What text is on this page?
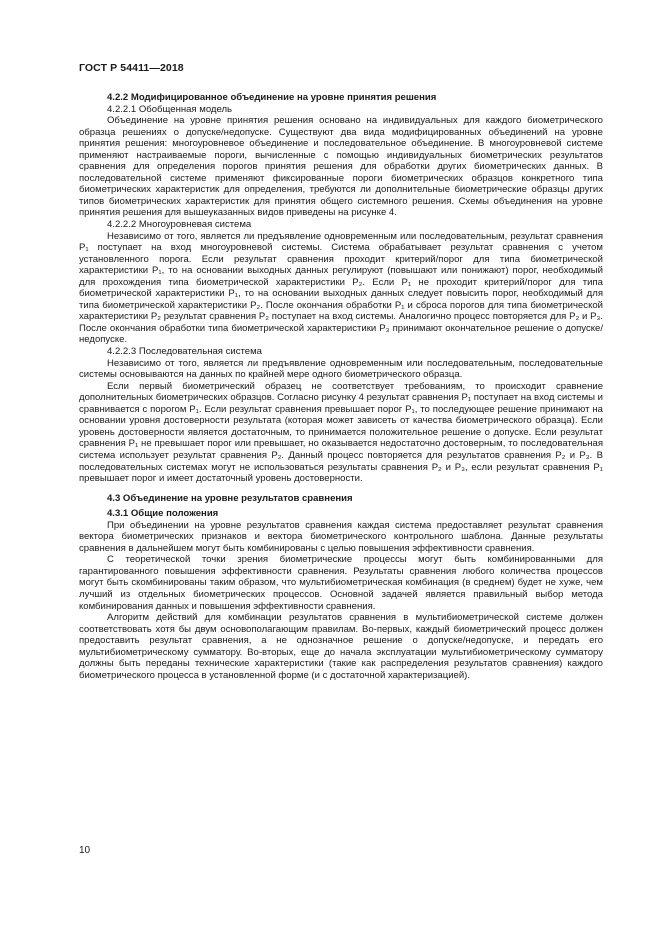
ГОСТ Р 54411—2018

4.2.2 Модифицированное объединение на уровне принятия решения

4.2.2.1 Обобщенная модель

Объединение на уровне принятия решения основано на индивидуальных для каждого биометрического образца решениях о допуске/недопуске. Существуют два вида модифицированных объединений на уровне принятия решения: многоуровневое объединение и последовательное объединение. В многоуровневой системе применяют настраиваемые пороги, вычисленные с помощью индивидуальных биометрических результатов сравнения для определения порогов принятия решения для обработки других биометрических данных. В последовательной системе применяют фиксированные пороги биометрических образцов конкретного типа биометрических характеристик для определения, требуются ли дополнительные биометрические образцы других типов биометрических характеристик для принятия общего системного решения. Схемы объединения на уровне принятия решения для вышеуказанных видов приведены на рисунке 4.

4.2.2.2 Многоуровневая система

Независимо от того, является ли предъявление одновременным или последовательным, результат сравнения P₁ поступает на вход многоуровневой системы. Система обрабатывает результат сравнения с учетом установленного порога. Если результат сравнения проходит критерий/порог для типа биометрической характеристики P₁, то на основании выходных данных регулируют (повышают или понижают) порог, необходимый для прохождения типа биометрической характеристики P₂. Если P₁ не проходит критерий/порог для типа биометрической характеристики P₁, то на основании выходных данных следует повысить порог, необходимый для типа биометрической характеристики P₂. После окончания обработки P₁ и сброса порогов для типа биометрической характеристики P₂ результат сравнения P₂ поступает на вход системы. Аналогично процесс повторяется для P₂ и P₃. После окончания обработки типа биометрической характеристики P₃ принимают окончательное решение о допуске/недопуске.

4.2.2.3 Последовательная система

Независимо от того, является ли предъявление одновременным или последовательным, последовательные системы основываются на данных по крайней мере одного биометрического образца.

Если первый биометрический образец не соответствует требованиям, то происходит сравнение дополнительных биометрических образцов. Согласно рисунку 4 результат сравнения P₁ поступает на вход системы и сравнивается с порогом P₁. Если результат сравнения превышает порог P₁, то последующее решение принимают на основании уровня достоверности результата (которая может зависеть от качества биометрического образца). Если уровень достоверности является достаточным, то принимается положительное решение о допуске. Если результат сравнения P₁ не превышает порог или превышает, но оказывается недостаточно достоверным, то последовательная система использует результат сравнения P₂. Данный процесс повторяется для результатов сравнения P₂ и P₃. В последовательных системах могут не использоваться результаты сравнения P₂ и P₃, если результат сравнения P₁ превышает порог и имеет достаточный уровень достоверности.

4.3 Объединение на уровне результатов сравнения

4.3.1 Общие положения

При объединении на уровне результатов сравнения каждая система предоставляет результат сравнения вектора биометрических признаков и вектора биометрического контрольного шаблона. Данные результаты сравнения в дальнейшем могут быть комбинированы с целью повышения эффективности сравнения.

С теоретической точки зрения биометрические процессы могут быть комбинированными для гарантированного повышения эффективности сравнения. Результаты сравнения любого количества процессов могут быть скомбинированы таким образом, что мультибиометрическая комбинация (в среднем) будет не хуже, чем лучший из отдельных биометрических процессов. Основной задачей является правильный выбор метода комбинирования данных и повышения эффективности сравнения.

Алгоритм действий для комбинации результатов сравнения в мультибиометрической системе должен соответствовать хотя бы двум основополагающим правилам. Во-первых, каждый биометрический процесс должен предоставить результат сравнения, а не однозначное решение о допуске/недопуске, и передать его мультибиометрическому сумматору. Во-вторых, еще до начала эксплуатации мультибиометрическому сумматору должны быть переданы технические характеристики (такие как распределения результатов сравнения) каждого биометрического процесса в установленной форме (и с достаточной характеризацией).

10
